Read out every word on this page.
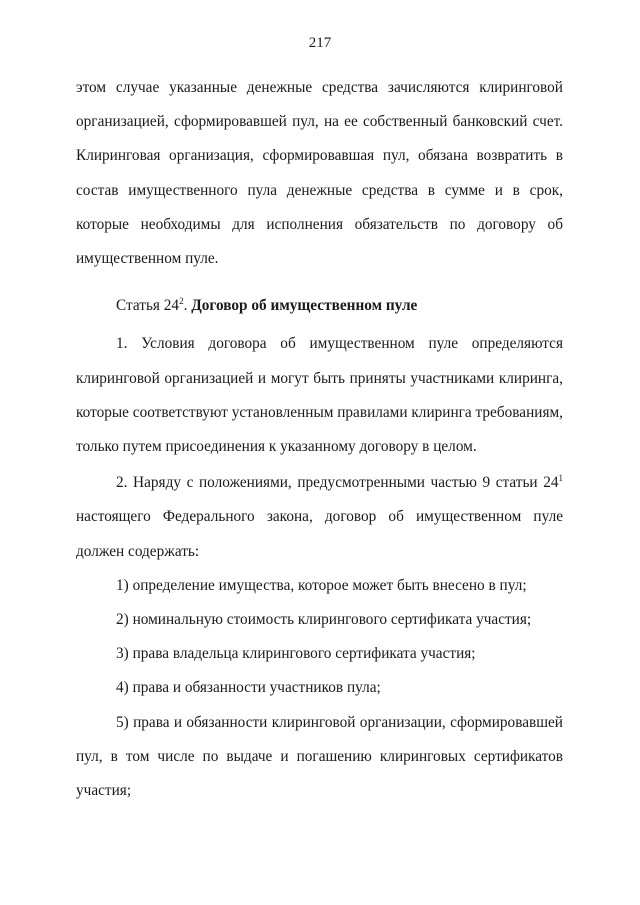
217

этом случае указанные денежные средства зачисляются клиринговой организацией, сформировавшей пул, на ее собственный банковский счет. Клиринговая организация, сформировавшая пул, обязана возвратить в состав имущественного пула денежные средства в сумме и в срок, которые необходимы для исполнения обязательств по договору об имущественном пуле.

Статья $24^2$. Договор об имущественном пуле

1. Условия договора об имущественном пуле определяются клиринговой организацией и могут быть приняты участниками клиринга, которые соответствуют установленным правилами клиринга требованиям, только путем присоединения к указанному договору в целом.

2. Наряду с положениями, предусмотренными частью 9 статьи $24^1$ настоящего Федерального закона, договор об имущественном пуле должен содержать:

1) определение имущества, которое может быть внесено в пул;

2) номинальную стоимость клирингового сертификата участия;

3) права владельца клирингового сертификата участия;

4) права и обязанности участников пула;

5) права и обязанности клиринговой организации, сформировавшей пул, в том числе по выдаче и погашению клиринговых сертификатов участия;
